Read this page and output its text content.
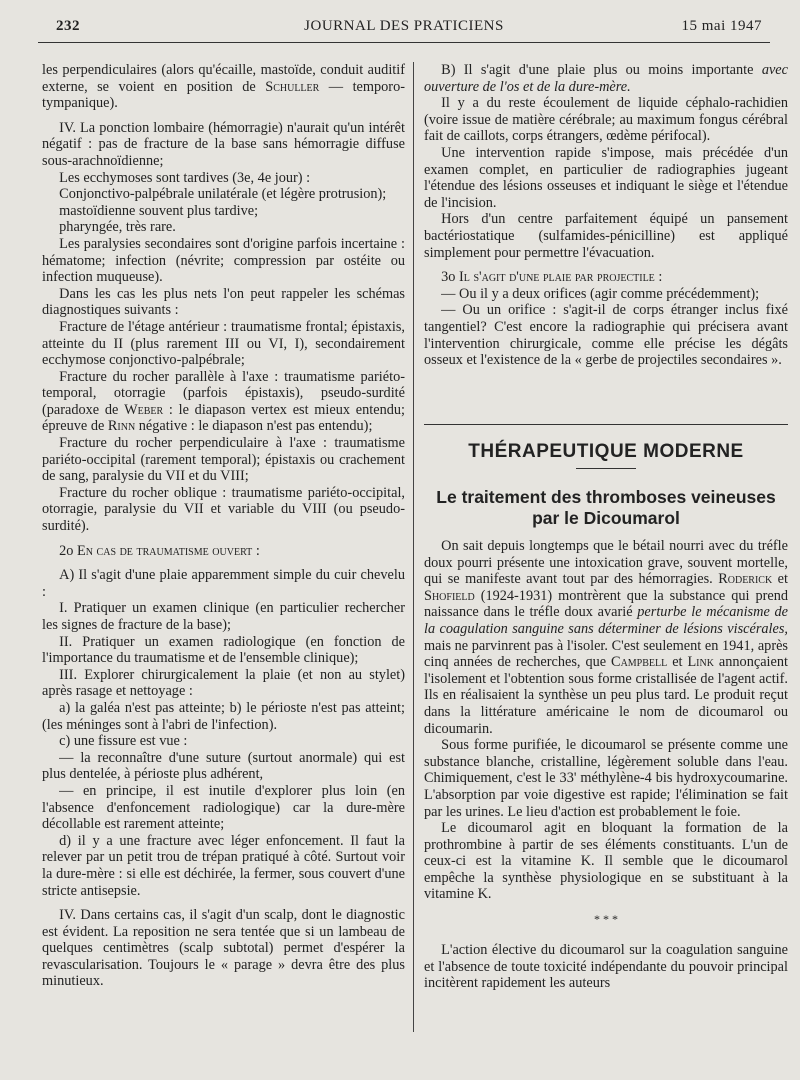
232	JOURNAL DES PRATICIENS	15 mai 1947

les perpendiculaires (alors qu'écaille, mastoïde, conduit auditif externe, se voient en position de Schuller — temporo-tympanique).

IV. La ponction lombaire (hémorragie) n'aurait qu'un intérêt négatif : pas de fracture de la base sans hémorragie diffuse sous-arachnoïdienne;

Les ecchymoses sont tardives (3e, 4e jour) :

Conjonctivo-palpébrale unilatérale (et légère protrusion);

mastoïdienne souvent plus tardive;

pharyngée, très rare.

Les paralysies secondaires sont d'origine parfois incertaine : hématome; infection (névrite; compression par ostéite ou infection muqueuse).

Dans les cas les plus nets l'on peut rappeler les schémas diagnostiques suivants :

Fracture de l'étage antérieur : traumatisme frontal; épistaxis, atteinte du II (plus rarement III ou VI, I), secondairement ecchymose conjonctivo-palpébrale;

Fracture du rocher parallèle à l'axe : traumatisme pariéto-temporal, otorragie (parfois épistaxis), pseudo-surdité (paradoxe de Weber : le diapason vertex est mieux entendu; épreuve de Rinn négative : le diapason n'est pas entendu);

Fracture du rocher perpendiculaire à l'axe : traumatisme pariéto-occipital (rarement temporal); épistaxis ou crachement de sang, paralysie du VII et du VIII;

Fracture du rocher oblique : traumatisme pariéto-occipital, otorragie, paralysie du VII et variable du VIII (ou pseudo-surdité).

2o En cas de traumatisme ouvert :

A) Il s'agit d'une plaie apparemment simple du cuir chevelu :

I. Pratiquer un examen clinique (en particulier rechercher les signes de fracture de la base);

II. Pratiquer un examen radiologique (en fonction de l'importance du traumatisme et de l'ensemble clinique);

III. Explorer chirurgicalement la plaie (et non au stylet) après rasage et nettoyage :

a) la galéa n'est pas atteinte; b) le périoste n'est pas atteint; (les méninges sont à l'abri de l'infection).

c) une fissure est vue :

— la reconnaître d'une suture (surtout anormale) qui est plus dentelée, à périoste plus adhérent,

— en principe, il est inutile d'explorer plus loin (en l'absence d'enfoncement radiologique) car la dure-mère décollable est rarement atteinte;

d) il y a une fracture avec léger enfoncement. Il faut la relever par un petit trou de trépan pratiqué à côté. Surtout voir la dure-mère : si elle est déchirée, la fermer, sous couvert d'une stricte antisepsie.

IV. Dans certains cas, il s'agit d'un scalp, dont le diagnostic est évident. La reposition ne sera tentée que si un lambeau de quelques centimètres (scalp subtotal) permet d'espérer la revascularisation. Toujours le « parage » devra être des plus minutieux.

B) Il s'agit d'une plaie plus ou moins importante avec ouverture de l'os et de la dure-mère.

Il y a du reste écoulement de liquide céphalo-rachidien (voire issue de matière cérébrale; au maximum fongus cérébral fait de caillots, corps étrangers, œdème périfocal).

Une intervention rapide s'impose, mais précédée d'un examen complet, en particulier de radiographies jugeant l'étendue des lésions osseuses et indiquant le siège et l'étendue de l'incision.

Hors d'un centre parfaitement équipé un pansement bactériostatique (sulfamides-pénicilline) est appliqué simplement pour permettre l'évacuation.

3o Il s'agit d'une plaie par projectile :

— Ou il y a deux orifices (agir comme précédemment);

— Ou un orifice : s'agit-il de corps étranger inclus fixé tangentiel? C'est encore la radiographie qui précisera avant l'intervention chirurgicale, comme elle précise les dégâts osseux et l'existence de la « gerbe de projectiles secondaires ».

THÉRAPEUTIQUE MODERNE
Le traitement des thromboses veineuses
par le Dicoumarol

On sait depuis longtemps que le bétail nourri avec du tréfle doux pourri présente une intoxication grave, souvent mortelle, qui se manifeste avant tout par des hémorragies. Roderick et Shofield (1924-1931) montrèrent que la substance qui prend naissance dans le tréfle doux avarié perturbe le mécanisme de la coagulation sanguine sans déterminer de lésions viscérales, mais ne parvinrent pas à l'isoler. C'est seulement en 1941, après cinq années de recherches, que Campbell et Link annonçaient l'isolement et l'obtention sous forme cristallisée de l'agent actif. Ils en réalisaient la synthèse un peu plus tard. Le produit reçut dans la littérature américaine le nom de dicoumarol ou dicoumarin.

Sous forme purifiée, le dicoumarol se présente comme une substance blanche, cristalline, légèrement soluble dans l'eau. Chimiquement, c'est le 33' méthylène-4 bis hydroxycoumarine. L'absorption par voie digestive est rapide; l'élimination se fait par les urines. Le lieu d'action est probablement le foie.

Le dicoumarol agit en bloquant la formation de la prothrombine à partir de ses éléments constituants. L'un de ceux-ci est la vitamine K. Il semble que le dicoumarol empêche la synthèse physiologique en se substituant à la vitamine K.

* * *

L'action élective du dicoumarol sur la coagulation sanguine et l'absence de toute toxicité indépendante du pouvoir principal incitèrent rapidement les auteurs
